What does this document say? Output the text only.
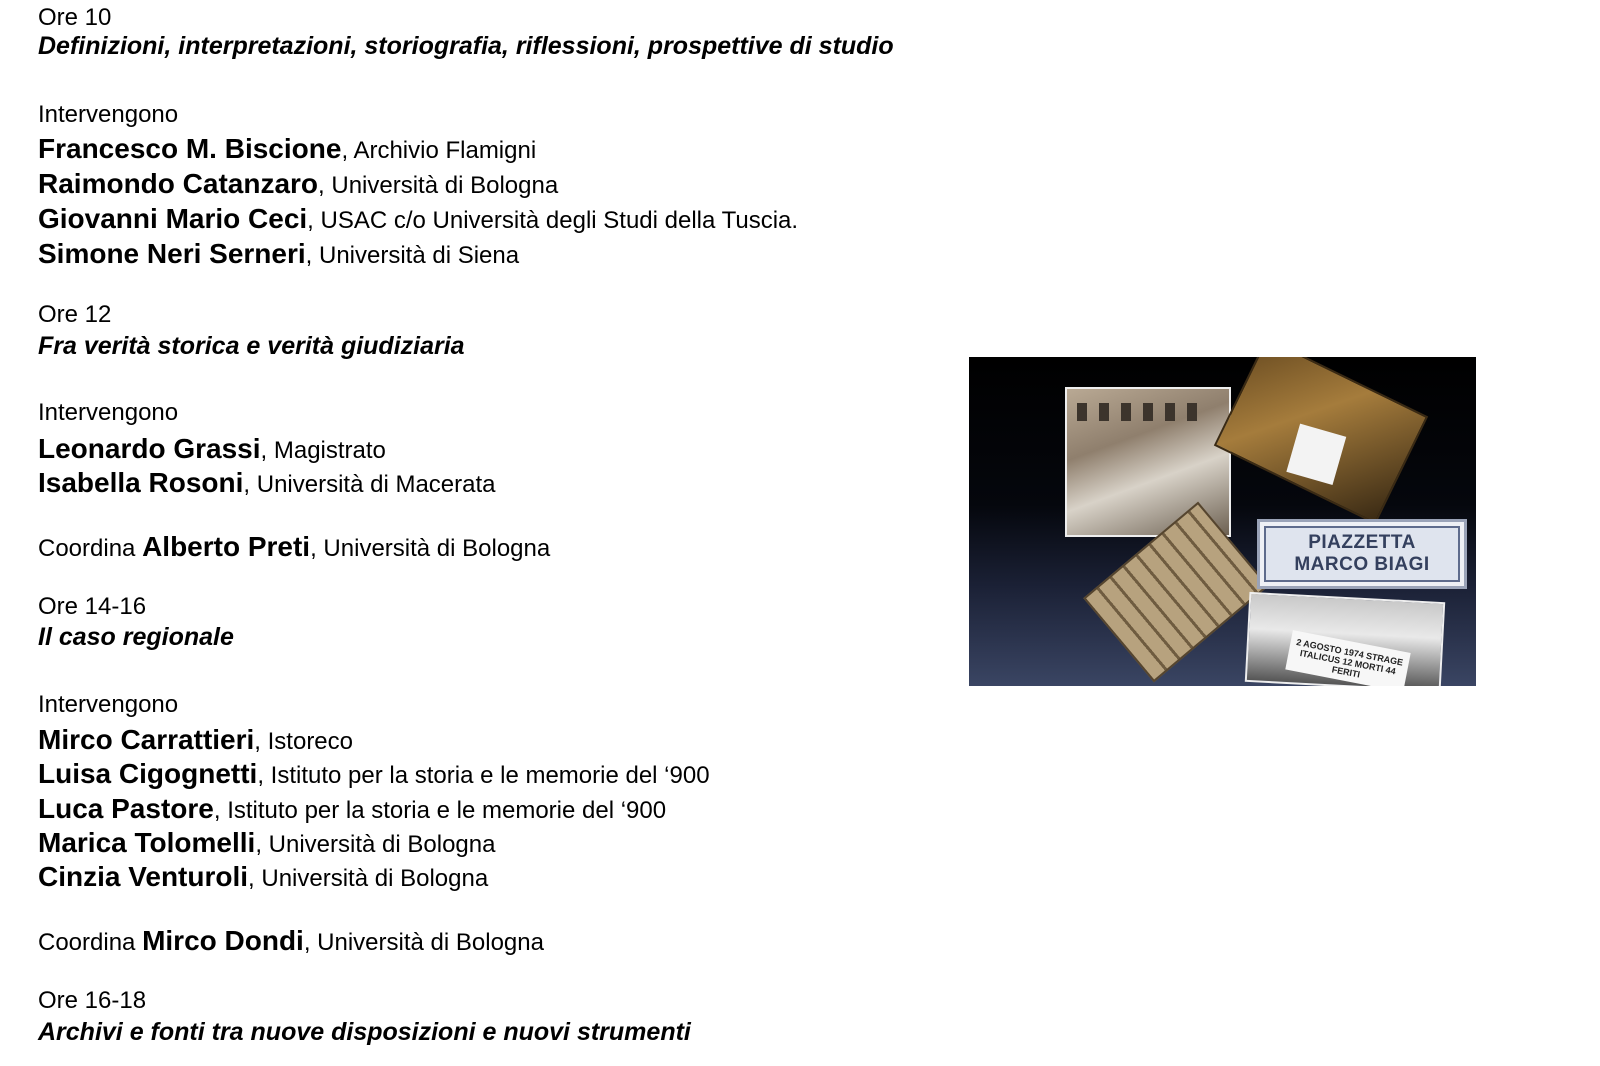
Ore 10
Definizioni, interpretazioni, storiografia, riflessioni, prospettive di studio
Intervengono
Francesco M. Biscione, Archivio Flamigni
Raimondo Catanzaro, Università di Bologna
Giovanni Mario Ceci, USAC c/o Università degli Studi della Tuscia.
Simone Neri Serneri, Università di Siena
Ore 12
Fra verità storica e verità giudiziaria
Intervengono
Leonardo Grassi, Magistrato
Isabella Rosoni, Università di Macerata
Coordina Alberto Preti, Università di Bologna
Ore 14-16
Il caso regionale
Intervengono
Mirco Carrattieri, Istoreco
Luisa Cigognetti, Istituto per la storia e le memorie del ‘900
Luca Pastore, Istituto per la storia e le memorie del ‘900
Marica Tolomelli, Università di Bologna
Cinzia Venturoli, Università di Bologna
Coordina Mirco Dondi, Università di Bologna
Ore 16-18
Archivi e fonti tra nuove disposizioni e nuovi strumenti
PIAZZETTA
MARCO BIAGI
2 AGOSTO 1974 STRAGE ITALICUS 12 MORTI 44 FERITI
